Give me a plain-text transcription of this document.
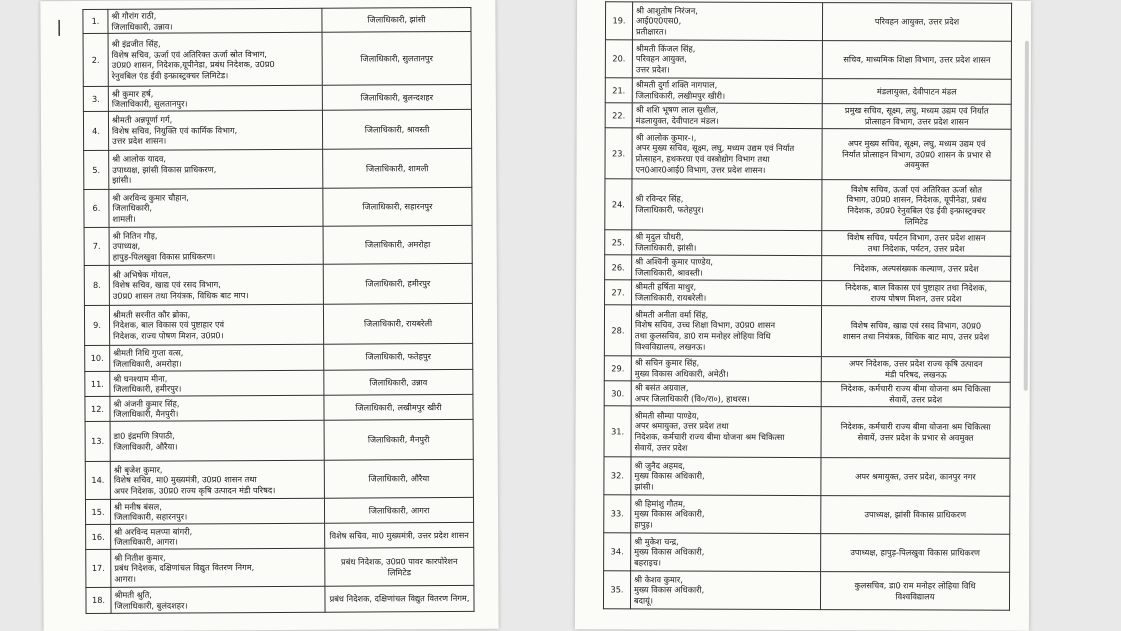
|	1.	श्री गौरांग राठी,
जिलाधिकारी, उन्नाव।	जिलाधिकारी, झांसी
2.	श्री इंद्रजीत सिंह,
विशेष सचिव, ऊर्जा एवं अतिरिक्त ऊर्जा स्रोत विभाग,
उ0प्र0 शासन, निदेशक,यूपीनेडा, प्रबंध निदेशक, उ0प्र0
रेनुवबिल एंड ईवी इन्फ्रास्ट्रक्चर लिमिटेड।	जिलाधिकारी, सुलतानपुर
3.	श्री कुमार हर्ष,
जिलाधिकारी, सुलतानपुर।	जिलाधिकारी, बुलन्दशहर
4.	श्रीमती अन्नपूर्णा गर्ग,
विशेष सचिव, नियुक्ति एवं कार्मिक विभाग,
उत्तर प्रदेश शासन।	जिलाधिकारी, श्रावस्ती
5.	श्री आलोक यादव,
उपाध्यक्ष, झांसी विकास प्राधिकरण,
झांसी।	जिलाधिकारी, शामली
6.	श्री अरविन्द कुमार चौहान,
जिलाधिकारी,
शामली।	जिलाधिकारी, सहारनपुर
7.	श्री नितिन गौड़,
उपाध्यक्ष,
हापुड़-पिलखुवा विकास प्राधिकरण।	जिलाधिकारी, अमरोहा
8.	श्री अभिषेक गोयल,
विशेष सचिव, खाद्य एवं रसद विभाग,
उ0प्र0 शासन तथा नियंत्रक, विधिक बाट माप।	जिलाधिकारी, हमीरपुर
9.	श्रीमती सरनीत कौर ब्रोका,
निदेशक, बाल विकास एवं पुष्टाहार एवं
निदेशक, राज्य पोषण मिशन, उ0प्र0।	जिलाधिकारी, रायबरेली
10.	श्रीमती निधि गुप्ता वत्स,
जिलाधिकारी, अमरोहा।	जिलाधिकारी, फतेहपुर
11.	श्री घनश्याम मीना,
जिलाधिकारी, हमीरपुर।	जिलाधिकारी, उन्नाव
12.	श्री अंजनी कुमार सिंह,
जिलाधिकारी, मैनपुरी।	जिलाधिकारी, लखीमपुर खीरी
13.	डा0 इंद्रमणि त्रिपाठी,
जिलाधिकारी, औरैया।	जिलाधिकारी, मैनपुरी
14.	श्री बृजेश कुमार,
विशेष सचिव, मा0 मुख्यमंत्री, उ0प्र0 शासन तथा
अपर निदेशक, उ0प्र0 राज्य कृषि उत्पादन मंडी परिषद।	जिलाधिकारी, औरैया
15.	श्री मनीष बंसल,
जिलाधिकारी, सहारनपुर।	जिलाधिकारी, आगरा
16.	श्री अरविन्द मलप्पा बांगरी,
जिलाधिकारी, आगरा।	विशेष सचिव, मा0 मुख्यमंत्री, उत्तर प्रदेश शासन
17.	श्री नितीश कुमार,
प्रबंध निदेशक, दक्षिणांचल विद्युत वितरण निगम,
आगरा।	प्रबंध निदेशक, उ0प्र0 पावर कारपोरेशन लिमिटेड
18.	श्रीमती श्रुति,
जिलाधिकारी, बुलंदशहर।	प्रबंध निदेशक, दक्षिणांचल विद्युत वितरण निगम,
19.	श्री आशुतोष निरंजन,
आई0ए0एस0,
प्रतीक्षारत।	परिवहन आयुक्त, उत्तर प्रदेश
20.	श्रीमती किंजल सिंह,
परिवहन आयुक्त,
उत्तर प्रदेश।	सचिव, माध्यमिक शिक्षा विभाग, उत्तर प्रदेश शासन
21.	श्रीमती दुर्गा शक्ति नागपाल,
जिलाधिकारी, लखीमपुर खीरी।	मंडलायुक्त, देवीपाटन मंडल
22.	श्री शशि भूषण लाल सुशील,
मंडलायुक्त, देवीपाटन मंडल।	प्रमुख सचिव, सूक्ष्म, लघु, मध्यम उद्यम एवं निर्यात
प्रोत्साहन विभाग, उत्तर प्रदेश शासन
23.	श्री आलोक कुमार-।,
अपर मुख्य सचिव, सूक्ष्म, लघु, मध्यम उद्यम एवं निर्यात
प्रोत्साहन, हथकरघा एवं वस्त्रोद्योग विभाग तथा
एन0आर0आई0 विभाग, उत्तर प्रदेश शासन।	अपर मुख्य सचिव, सूक्ष्म, लघु, मध्यम उद्यम एवं
निर्यात प्रोत्साहन विभाग, उ0प्र0 शासन के प्रभार से
अवमुक्त
24.	श्री रविन्दर सिंह,
जिलाधिकारी, फतेहपुर।	विशेष सचिव, ऊर्जा एवं अतिरिक्त ऊर्जा स्रोत
विभाग, उ0प्र0 शासन, निदेशक, यूपीनेडा, प्रबंध
निदेशक, उ0प्र0 रेनुवबिल एंड ईवी इन्फ्रास्ट्रक्चर
लिमिटेड
25.	श्री मृदुल चौधरी,
जिलाधिकारी, झांसी।	विशेष सचिव, पर्यटन विभाग, उत्तर प्रदेश शासन
तथा निदेशक, पर्यटन, उत्तर प्रदेश
26.	श्री अश्विनी कुमार पाण्डेय,
जिलाधिकारी, श्रावस्ती।	निदेशक, अल्पसंख्यक कल्याण, उत्तर प्रदेश
27.	श्रीमती हर्षिता माथुर,
जिलाधिकारी, रायबरेली।	निदेशक, बाल विकास एवं पुष्टाहार तथा निदेशक,
राज्य पोषण मिशन, उत्तर प्रदेश
28.	श्रीमती अनीता वर्मा सिंह,
विशेष सचिव, उच्च शिक्षा विभाग, उ0प्र0 शासन
तथा कुलसचिव, डा0 राम मनोहर लोहिया विधि
विश्वविद्यालय, लखनऊ।	विशेष सचिव, खाद्य एवं रसद विभाग, उ0प्र0
शासन तथा नियंत्रक, विधिक बाट माप, उत्तर प्रदेश
29.	श्री सचिन कुमार सिंह,
मुख्य विकास अधिकारी, अमेठी।	अपर निदेशक, उत्तर प्रदेश राज्य कृषि उत्पादन
मंडी परिषद, लखनऊ
30.	श्री बसंत अग्रवाल,
अपर जिलाधिकारी (वि०/रा०), हाथरस।	निदेशक, कर्मचारी राज्य बीमा योजना श्रम चिकित्सा
सेवायें, उत्तर प्रदेश
31.	श्रीमती सौम्या पाण्डेय,
अपर श्रमायुक्त, उत्तर प्रदेश तथा
निदेशक, कर्मचारी राज्य बीमा योजना श्रम चिकित्सा
सेवायें, उत्तर प्रदेश	निदेशक, कर्मचारी राज्य बीमा योजना श्रम चिकित्सा
सेवायें, उत्तर प्रदेश के प्रभार से अवमुक्त
32.	श्री जुनैद अहमद,
मुख्य विकास अधिकारी,
झांसी।	अपर श्रमायुक्त, उत्तर प्रदेश, कानपुर नगर
33.	श्री हिमांशु गौतम,
मुख्य विकास अधिकारी,
हापुड़।	उपाध्यक्ष, झांसी विकास प्राधिकरण
34.	श्री मुकेश चन्द्र,
मुख्य विकास अधिकारी,
बहराइच।	उपाध्यक्ष, हापुड़-पिलखुवा विकास प्राधिकरण
35.	श्री केशव कुमार,
मुख्य विकास अधिकारी,
बदायूं।	कुलसचिव, डा0 राम मनोहर लोहिया विधि
विश्वविद्यालय
